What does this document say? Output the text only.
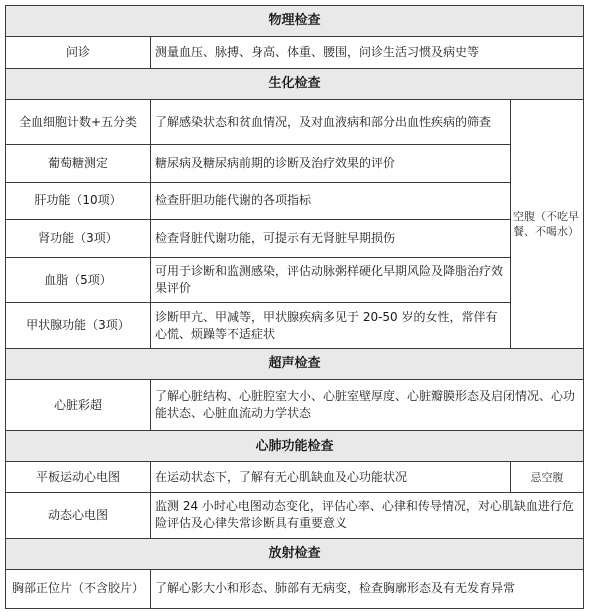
物理检查		
问诊	测量血压、脉搏、身高、体重、腰围，问诊生活习惯及病史等	
生化检查		
全血细胞计数+五分类	了解感染状态和贫血情况，及对血液病和部分出血性疾病的筛查	空腹（不吃早餐、不喝水）
葡萄糖测定	糖尿病及糖尿病前期的诊断及治疗效果的评价	
肝功能（10项）	检查肝胆功能代谢的各项指标	
肾功能（3项）	检查肾脏代谢功能，可提示有无肾脏早期损伤	
血脂（5项）	可用于诊断和监测感染，评估动脉粥样硬化早期风险及降脂治疗效果评价	
甲状腺功能（3项）	诊断甲亢、甲减等，甲状腺疾病多见于 20-50 岁的女性，常伴有心慌、烦躁等不适症状	
超声检查		
心脏彩超	了解心脏结构、心脏腔室大小、心脏室壁厚度、心脏瓣膜形态及启闭情况、心功能状态、心脏血流动力学状态	
心肺功能检查		
平板运动心电图	在运动状态下，了解有无心肌缺血及心功能状况	忌空腹
动态心电图	监测 24 小时心电图动态变化，评估心率、心律和传导情况，对心肌缺血进行危险评估及心律失常诊断具有重要意义	
放射检查		
胸部正位片（不含胶片）	了解心影大小和形态、肺部有无病变，检查胸廓形态及有无发育异常	
